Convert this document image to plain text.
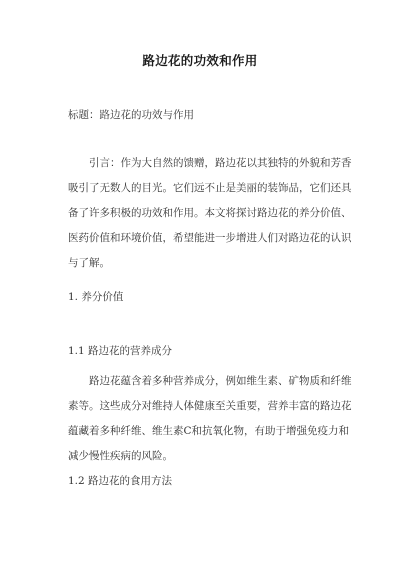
路边花的功效和作用
标题：路边花的功效与作用

引言：作为大自然的馈赠，路边花以其独特的外貌和芳香吸引了无数人的目光。它们远不止是美丽的装饰品，它们还具备了许多积极的功效和作用。本文将探讨路边花的养分价值、医药价值和环境价值，希望能进一步增进人们对路边花的认识与了解。

1. 养分价值
1.1 路边花的营养成分

路边花蕴含着多种营养成分，例如维生素、矿物质和纤维素等。这些成分对维持人体健康至关重要，营养丰富的路边花蕴藏着多种纤维、维生素C和抗氧化物，有助于增强免疫力和减少慢性疾病的风险。

1.2 路边花的食用方法
